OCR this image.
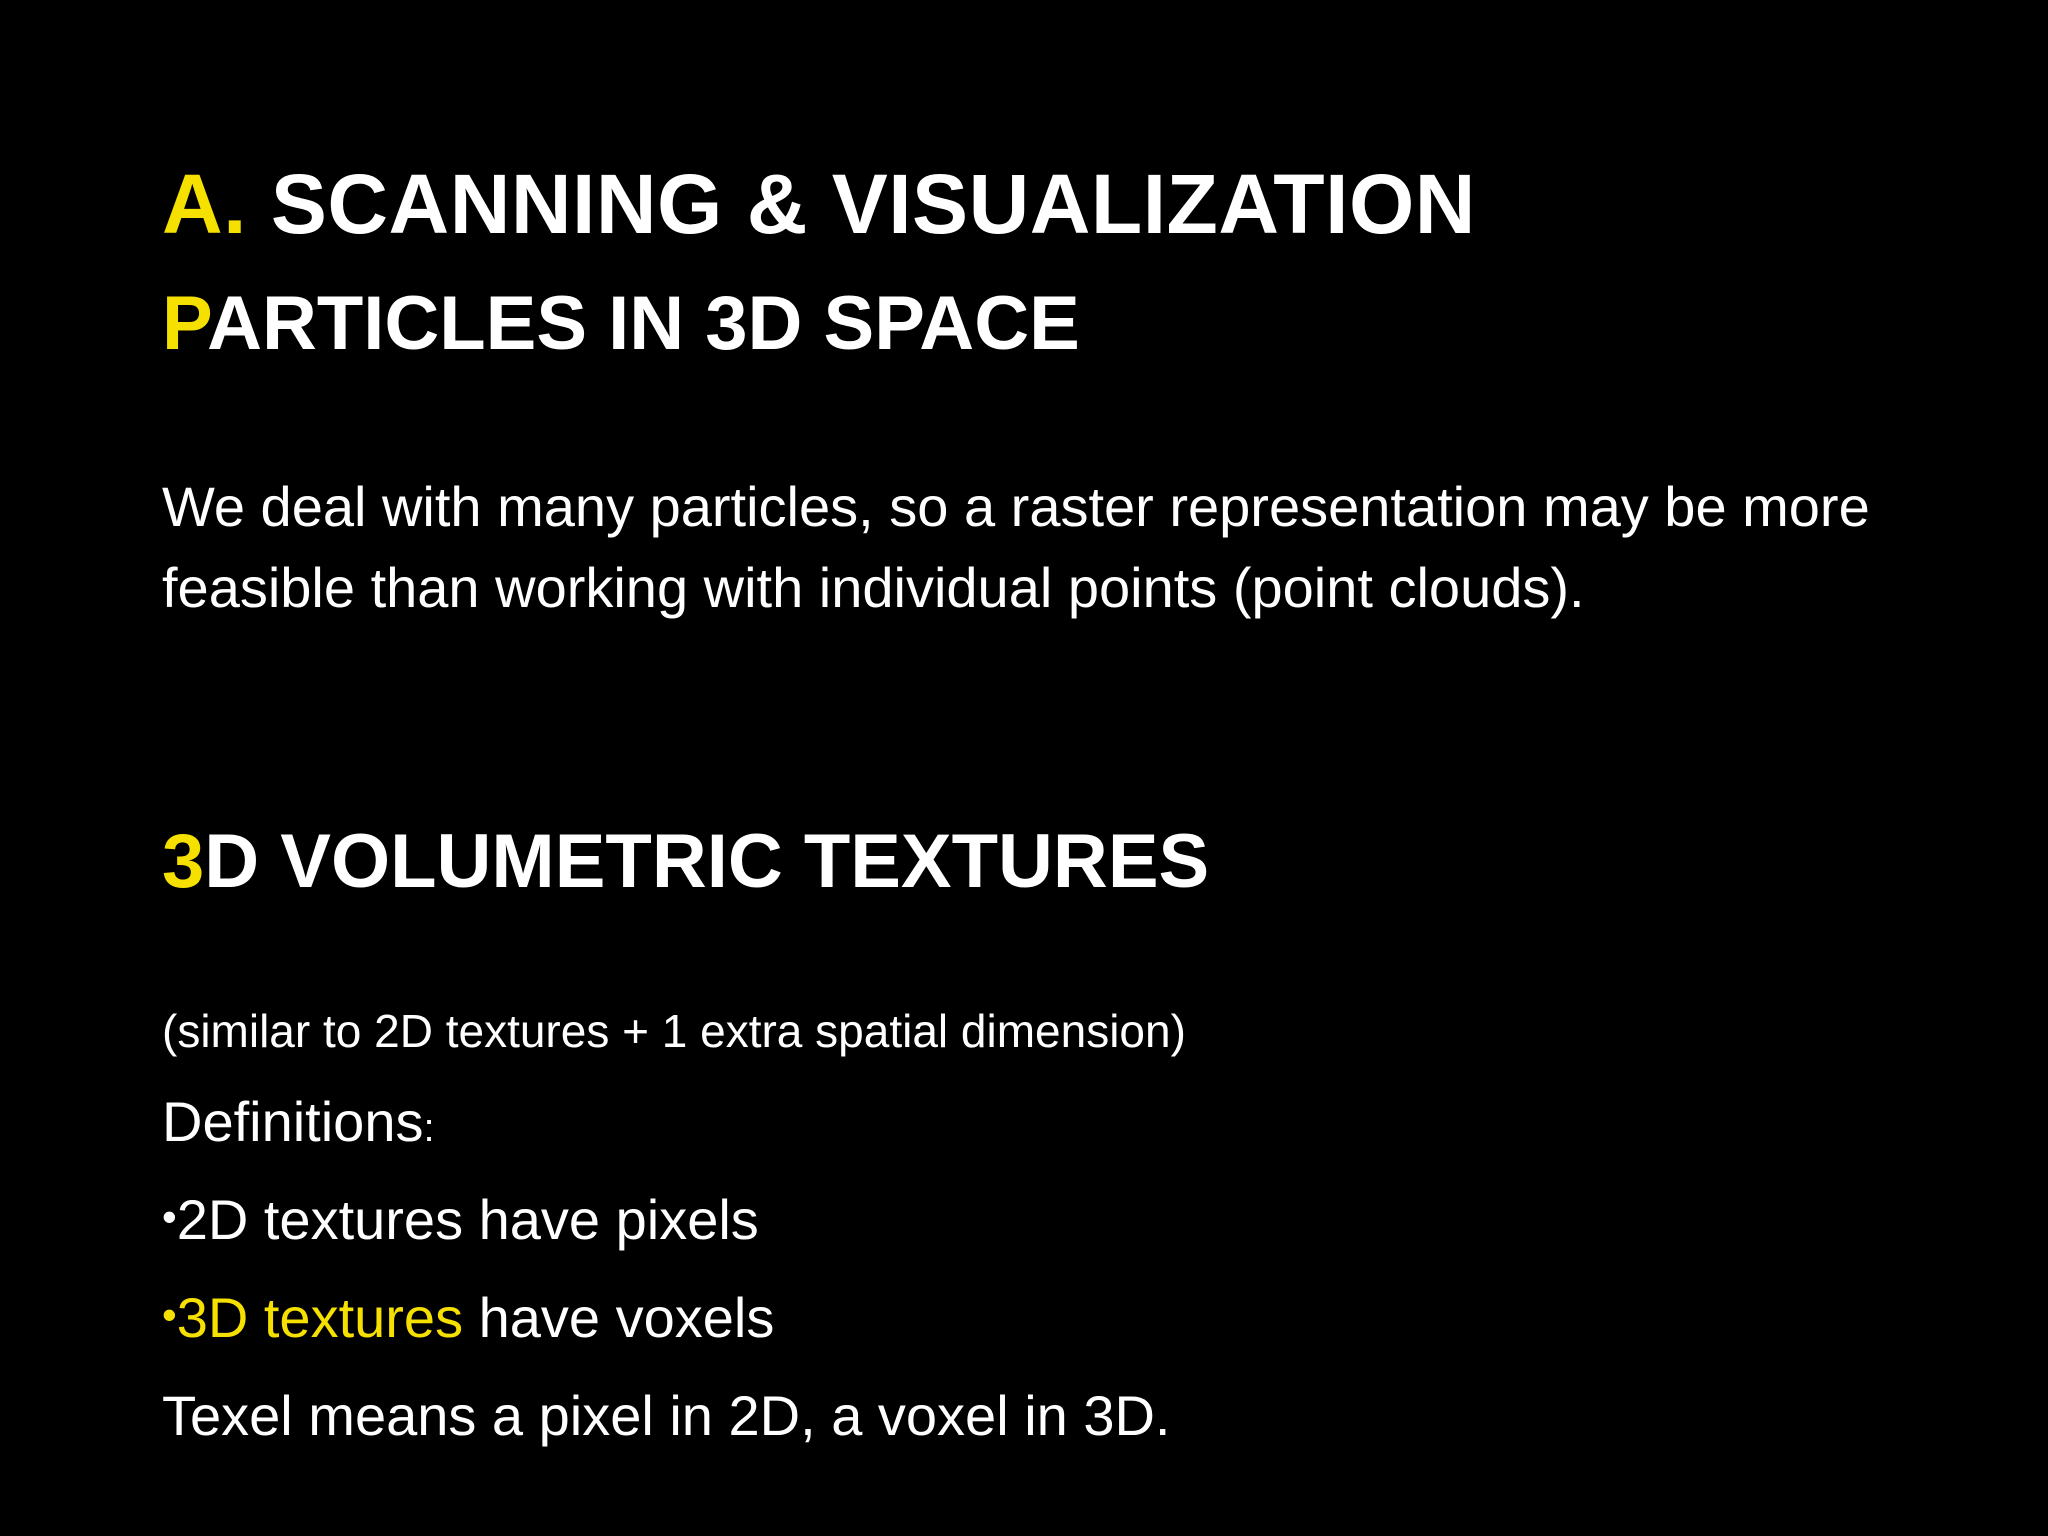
A. SCANNING & VISUALIZATION
PARTICLES IN 3D SPACE
We deal with many particles, so a raster representation may be more feasible than working with individual points (point clouds).
3D VOLUMETRIC TEXTURES
(similar to 2D textures + 1 extra spatial dimension)
Definitions:
•2D textures have pixels
•3D textures have voxels
Texel means a pixel in 2D, a voxel in 3D.
